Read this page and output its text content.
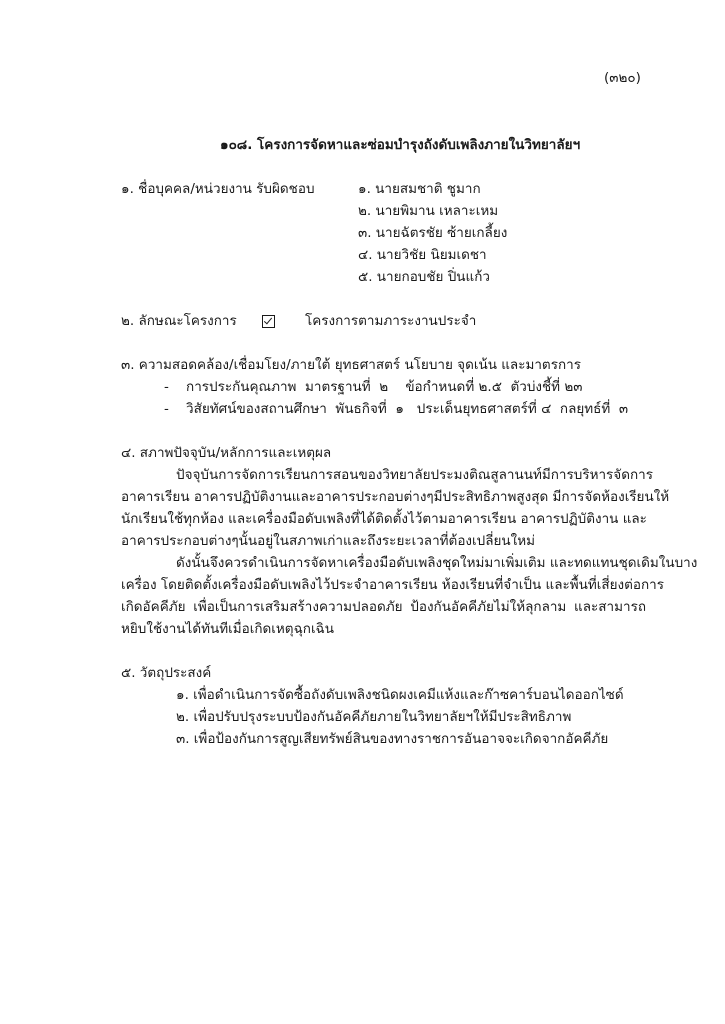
(๓๒๐)
๑๐๘. โครงการจัดหาและซ่อมบำรุงถังดับเพลิงภายในวิทยาลัยฯ
๑. ชื่อบุคคล/หน่วยงาน รับผิดชอบ	๑. นายสมชาติ ชูมาก
๒. นายพิมาน เหลาะเหม
๓. นายฉัตรชัย ซ้ายเกลี้ยง
๔. นายวิชัย นิยมเดชา
๕. นายกอบชัย ปิ่นแก้ว
๒. ลักษณะโครงการ	โครงการตามภาระงานประจำ
๓. ความสอดคล้อง/เชื่อมโยง/ภายใต้ ยุทธศาสตร์ นโยบาย จุดเน้น และมาตรการ
-    การประกันคุณภาพ  มาตรฐานที่  ๒    ข้อกำหนดที่ ๒.๕  ตัวบ่งชี้ที่ ๒๓
-    วิสัยทัศน์ของสถานศึกษา  พันธกิจที่  ๑   ประเด็นยุทธศาสตร์ที่ ๔  กลยุทธ์ที่  ๓
๔. สภาพปัจจุบัน/หลักการและเหตุผล
ปัจจุบันการจัดการเรียนการสอนของวิทยาลัยประมงติณสูลานนท์มีการบริหารจัดการ
อาคารเรียน อาคารปฏิบัติงานและอาคารประกอบต่างๆมีประสิทธิภาพสูงสุด มีการจัดห้องเรียนให้
นักเรียนใช้ทุกห้อง และเครื่องมือดับเพลิงที่ได้ติดตั้งไว้ตามอาคารเรียน อาคารปฏิบัติงาน และ
อาคารประกอบต่างๆนั้นอยู่ในสภาพเก่าและถึงระยะเวลาที่ต้องเปลี่ยนใหม่
ดังนั้นจึงควรดำเนินการจัดหาเครื่องมือดับเพลิงชุดใหม่มาเพิ่มเติม และทดแทนชุดเดิมในบาง
เครื่อง โดยติดตั้งเครื่องมือดับเพลิงไว้ประจำอาคารเรียน ห้องเรียนที่จำเป็น และพื้นที่เสี่ยงต่อการ
เกิดอัคคีภัย เพื่อเป็นการเสริมสร้างความปลอดภัย ป้องกันอัคคีภัยไม่ให้ลุกลาม และสามารถ
หยิบใช้งานได้ทันทีเมื่อเกิดเหตุฉุกเฉิน
๕. วัตถุประสงค์
๑. เพื่อดำเนินการจัดซื้อถังดับเพลิงชนิดผงเคมีแห้งและก๊าซคาร์บอนไดออกไซด์
๒. เพื่อปรับปรุงระบบป้องกันอัคคีภัยภายในวิทยาลัยฯให้มีประสิทธิภาพ
๓. เพื่อป้องกันการสูญเสียทรัพย์สินของทางราชการอันอาจจะเกิดจากอัคคีภัย
